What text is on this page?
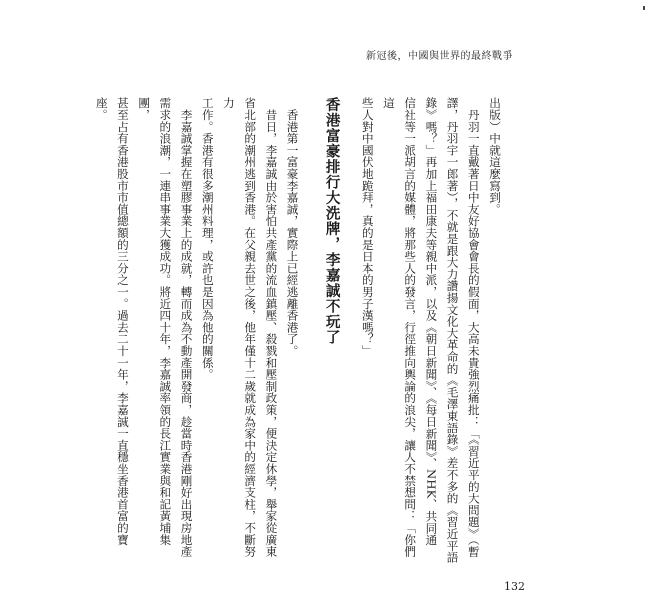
新冠後，中國與世界的最終戰爭

出版）中就這麼寫到。

　丹羽一直戴著日中友好協會會長的假面，大高未貴強烈痛批：「《習近平的大問題》（暫

譯，丹羽宇一郎著），不就是跟大力讚揚文化大革命的《毛澤東語錄》差不多的《習近平語

錄》嗎？」再加上福田康夫等親中派，以及《朝日新聞》、《每日新聞》、NHK、共同通

信社等一派胡言的媒體，將那些人的發言，行徑推向輿論的浪尖，讓人不禁想問：「你們這

些人對中國伏地跪拜，真的是日本的男子漢嗎？」

香港富豪排行大洗牌，李嘉誠不玩了

　香港第一富豪李嘉誠，實際上已經逃離香港了。

　昔日，李嘉誠由於害怕共產黨的流血鎮壓、殺戮和壓制政策，便決定休學，舉家從廣東

省北部的潮州逃到香港。在父親去世之後，他年僅十二歲就成為家中的經濟支柱，不斷努力

工作。香港有很多潮州料理，或許也是因為他的關係。

　李嘉誠掌握在塑膠事業上的成就，轉而成為不動產開發商，趁當時香港剛好出現房地產

需求的浪潮，一連串事業大獲成功。將近四十年，李嘉誠率領的長江實業與和記黃埔集團，

甚至占有香港股市市值總額的三分之一。過去二十一年，李嘉誠一直穩坐香港首富的寶座。

132
